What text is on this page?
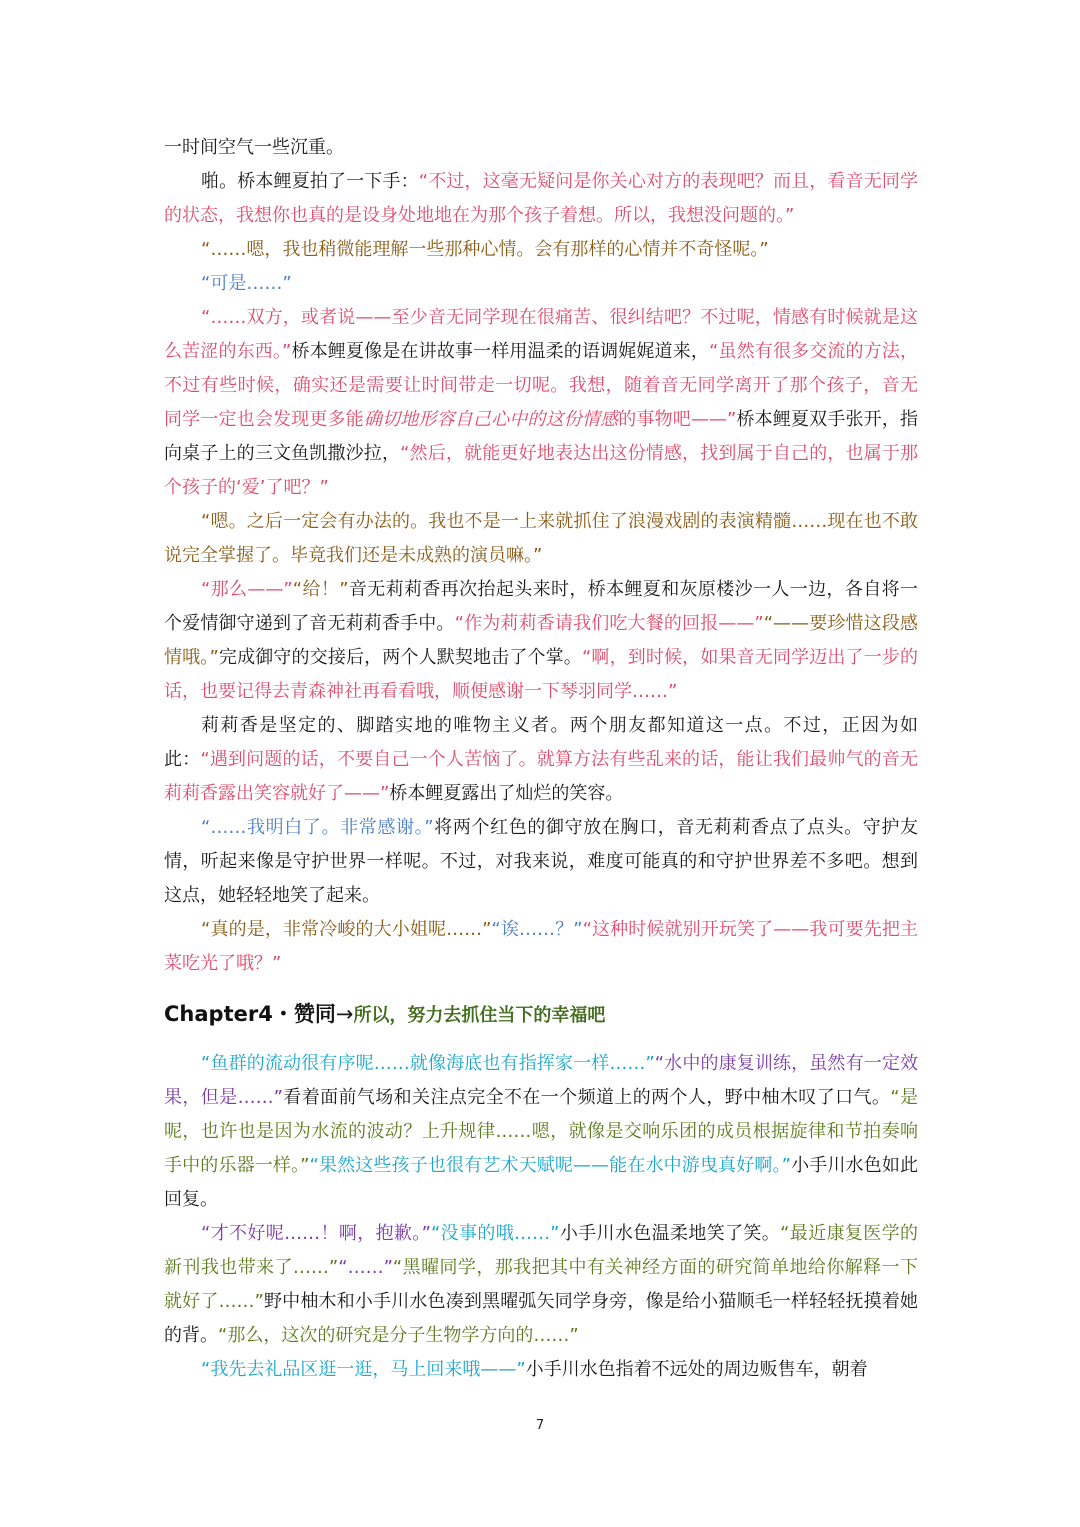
一时间空气一些沉重。

啪。桥本鲤夏拍了一下手：“不过，这毫无疑问是你关心对方的表现吧？而且，看音无同学的状态，我想你也真的是设身处地地在为那个孩子着想。所以，我想没问题的。”

“……嗯，我也稍微能理解一些那种心情。会有那样的心情并不奇怪呢。”

“可是……”

“……双方，或者说——至少音无同学现在很痛苦、很纠结吧？不过呢，情感有时候就是这么苦涩的东西。”桥本鲤夏像是在讲故事一样用温柔的语调娓娓道来，“虽然有很多交流的方法，不过有些时候，确实还是需要让时间带走一切呢。我想，随着音无同学离开了那个孩子，音无同学一定也会发现更多能确切地形容自己心中的这份情感的事物吧——”桥本鲤夏双手张开，指向桌子上的三文鱼凯撒沙拉，“然后，就能更好地表达出这份情感，找到属于自己的，也属于那个孩子的‘爱’了吧？”

“嗯。之后一定会有办法的。我也不是一上来就抓住了浪漫戏剧的表演精髓……现在也不敢说完全掌握了。毕竟我们还是未成熟的演员嘛。”

“那么——”“给！”音无莉莉香再次抬起头来时，桥本鲤夏和灰原楼沙一人一边，各自将一个爱情御守递到了音无莉莉香手中。“作为莉莉香请我们吃大餐的回报——”“——要珍惜这段感情哦。”完成御守的交接后，两个人默契地击了个掌。“啊，到时候，如果音无同学迈出了一步的话，也要记得去青森神社再看看哦，顺便感谢一下琴羽同学……”

莉莉香是坚定的、脚踏实地的唯物主义者。两个朋友都知道这一点。不过，正因为如此：“遇到问题的话，不要自己一个人苦恼了。就算方法有些乱来的话，能让我们最帅气的音无莉莉香露出笑容就好了——”桥本鲤夏露出了灿烂的笑容。

“……我明白了。非常感谢。”将两个红色的御守放在胸口，音无莉莉香点了点头。守护友情，听起来像是守护世界一样呢。不过，对我来说，难度可能真的和守护世界差不多吧。想到这点，她轻轻地笑了起来。

“真的是，非常冷峻的大小姐呢……”“诶……？”“这种时候就别开玩笑了——我可要先把主菜吃光了哦？”

Chapter4・赞同→所以，努力去抓住当下的幸福吧

“鱼群的流动很有序呢……就像海底也有指挥家一样……”“水中的康复训练，虽然有一定效果，但是……”看着面前气场和关注点完全不在一个频道上的两个人，野中柚木叹了口气。“是呢，也许也是因为水流的波动？上升规律……嗯，就像是交响乐团的成员根据旋律和节拍奏响手中的乐器一样。”“果然这些孩子也很有艺术天赋呢——能在水中游曳真好啊。”小手川水色如此回复。

“才不好呢……！啊，抱歉。”“没事的哦……”小手川水色温柔地笑了笑。“最近康复医学的新刊我也带来了……”“……”“黑曜同学，那我把其中有关神经方面的研究简单地给你解释一下就好了……”野中柚木和小手川水色凑到黑曜弧矢同学身旁，像是给小猫顺毛一样轻轻抚摸着她的背。“那么，这次的研究是分子生物学方向的……”

“我先去礼品区逛一逛，马上回来哦——”小手川水色指着不远处的周边贩售车，朝着

7
